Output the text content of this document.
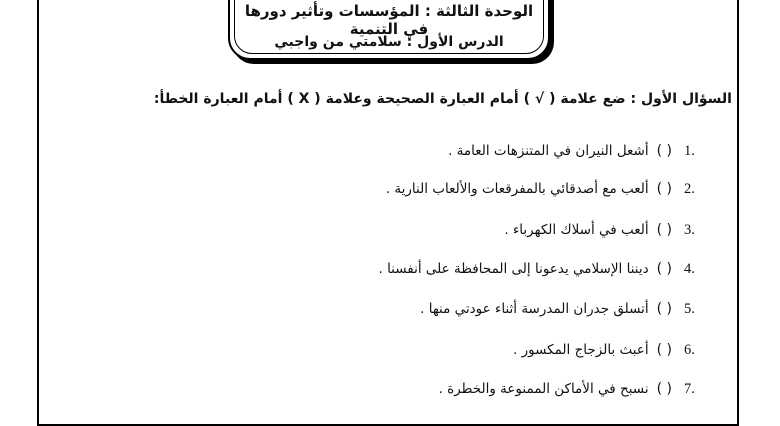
الوحدة الثالثة : المؤسسات وتأثير دورها في التنمية
الدرس الأول : سلامتي من واجبي
السؤال الأول : ضع علامة ( √ ) أمام العبارة الصحيحة وعلامة ( X ) أمام العبارة الخطأ:
أشعل النيران في المتنزهات العامة . ( ) 1.
ألعب مع أصدقائي بالمفرقعات والألعاب النارية . ( ) 2.
ألعب في أسلاك الكهرباء . ( ) 3.
ديننا الإسلامي يدعونا إلى المحافظة على أنفسنا . ( ) 4.
أتسلق جدران المدرسة أثناء عودتي منها . ( ) 5.
أعبث بالزجاج المكسور . ( ) 6.
نسبح في الأماكن الممنوعة والخطرة . ( ) 7.
